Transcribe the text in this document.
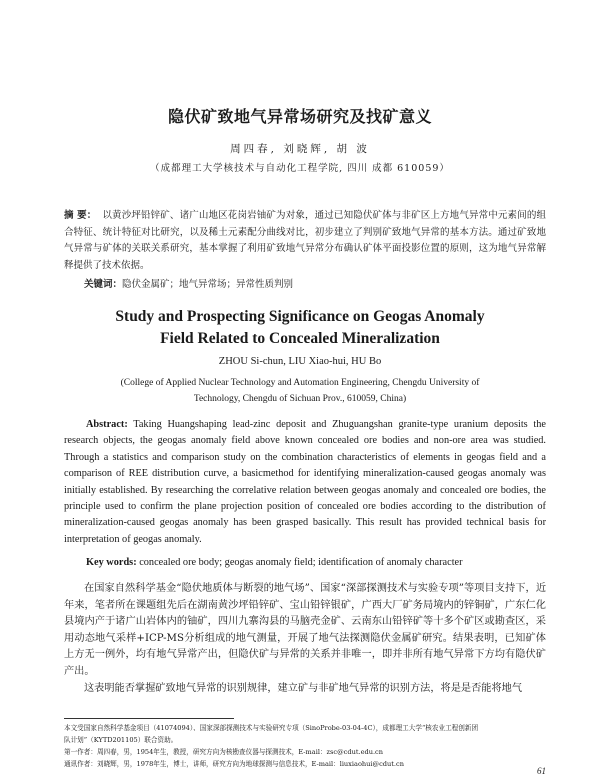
隐伏矿致地气异常场研究及找矿意义
周四春, 刘晓辉, 胡 波
（成都理工大学核技术与自动化工程学院, 四川 成都 610059）
摘 要： 以黄沙坪铅锌矿、诸广山地区花岗岩铀矿为对象，通过已知隐伏矿体与非矿区上方地气异常中元素间的组合特征、统计特征对比研究，以及稀土元素配分曲线对比，初步建立了判别矿致地气异常的基本方法。通过矿致地气异常与矿体的关联关系研究，基本掌握了利用矿致地气异常分布确认矿体平面投影位置的原则，这为地气异常解释提供了技术依据。
关键词：隐伏金属矿；地气异常场；异常性质判别
Study and Prospecting Significance on Geogas Anomaly
Field Related to Concealed Mineralization
ZHOU Si-chun, LIU Xiao-hui, HU Bo
(College of Applied Nuclear Technology and Automation Engineering, Chengdu University of
Technology, Chengdu of Sichuan Prov., 610059, China)
Abstract: Taking Huangshaping lead-zinc deposit and Zhuguangshan granite-type uranium deposits the research objects, the geogas anomaly field above known concealed ore bodies and non-ore area was studied. Through a statistics and comparison study on the combination characteristics of elements in geogas field and a comparison of REE distribution curve, a basicmethod for identifying mineralization-caused geogas anomaly was initially established. By researching the correlative relation between geogas anomaly and concealed ore bodies, the principle used to confirm the plane projection position of concealed ore bodies according to the distribution of mineralization-caused geogas anomaly has been grasped basically. This result has provided technical basis for interpretation of geogas anomaly.
Key words: concealed ore body; geogas anomaly field; identification of anomaly character

在国家自然科学基金“隐伏地质体与断裂的地气场”、国家“深部探测技术与实验专项”等项目支持下，近年来，笔者所在课题组先后在湖南黄沙坪铅锌矿、宝山铅锌银矿，广西大厂矿务局境内的锌铜矿，广东仁化县境内产于诸广山岩体内的铀矿，四川九寨沟县的马脑壳金矿、云南东山铅锌矿等十多个矿区或勘查区，采用动态地气采样+ICP-MS分析组成的地气测量，开展了地气法探测隐伏金属矿研究。结果表明，已知矿体上方无一例外，均有地气异常产出，但隐伏矿与异常的关系并非唯一，即并非所有地气异常下方均有隐伏矿产出。

这表明能否掌握矿致地气异常的识别规律，建立矿与非矿地气异常的识别方法，将是是否能将地气

本文受国家自然科学基金项目（41074094）、国家深部探测技术与实验研究专项（SinoProbe-03-04-4C），成都理工大学“核农业工程创新团
队计划”（KYTD201105）联合资助。
第一作者：周四春，男，1954年生，教授，研究方向为核勘查仪器与探测技术，E-mail：zsc@cdut.edu.cn
通讯作者：刘晓辉，男，1978年生，博士，讲师，研究方向为地球探测与信息技术，E-mail：liuxiaohui@cdut.cn
61
